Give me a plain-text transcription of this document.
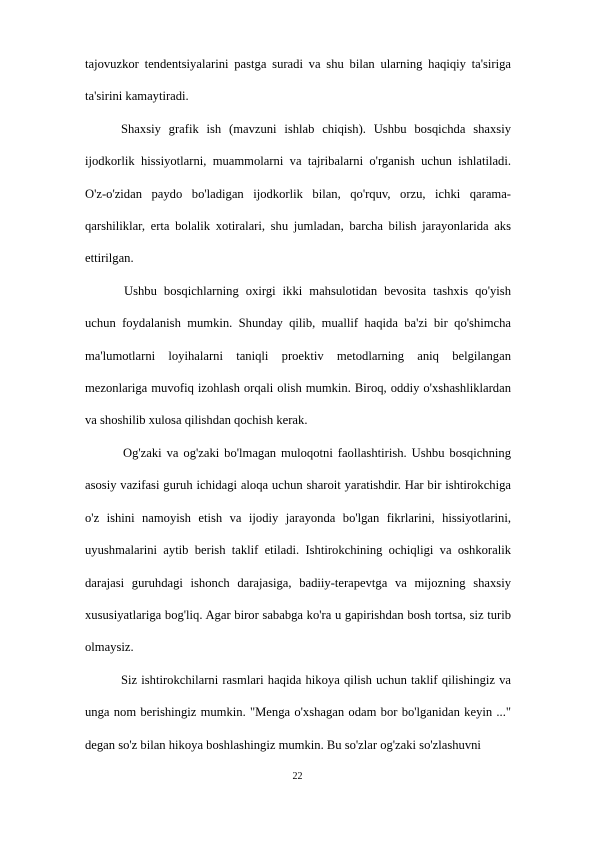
tajovuzkor tendentsiyalarini pastga suradi va shu bilan ularning haqiqiy ta'siriga ta'sirini kamaytiradi.

Shaxsiy grafik ish (mavzuni ishlab chiqish). Ushbu bosqichda shaxsiy ijodkorlik hissiyotlarni, muammolarni va tajribalarni o'rganish uchun ishlatiladi. O'z-o'zidan paydo bo'ladigan ijodkorlik bilan, qo'rquv, orzu, ichki qarama-qarshiliklar, erta bolalik xotiralari, shu jumladan, barcha bilish jarayonlarida aks ettirilgan.

Ushbu bosqichlarning oxirgi ikki mahsulotidan bevosita tashxis qo'yish uchun foydalanish mumkin. Shunday qilib, muallif haqida ba'zi bir qo'shimcha ma'lumotlarni loyihalarni taniqli proektiv metodlarning aniq belgilangan mezonlariga muvofiq izohlash orqali olish mumkin. Biroq, oddiy o'xshashliklardan va shoshilib xulosa qilishdan qochish kerak.

Og'zaki va og'zaki bo'lmagan muloqotni faollashtirish. Ushbu bosqichning asosiy vazifasi guruh ichidagi aloqa uchun sharoit yaratishdir. Har bir ishtirokchiga o'z ishini namoyish etish va ijodiy jarayonda bo'lgan fikrlarini, hissiyotlarini, uyushmalarini aytib berish taklif etiladi. Ishtirokchining ochiqligi va oshkoralik darajasi guruhdagi ishonch darajasiga, badiiy-terapevtga va mijozning shaxsiy xususiyatlariga bog'liq. Agar biror sababga ko'ra u gapirishdan bosh tortsa, siz turib olmaysiz.

Siz ishtirokchilarni rasmlari haqida hikoya qilish uchun taklif qilishingiz va unga nom berishingiz mumkin. "Menga o'xshagan odam bor bo'lganidan keyin ..." degan so'z bilan hikoya boshlashingiz mumkin. Bu so'zlar og'zaki so'zlashuvni

22
